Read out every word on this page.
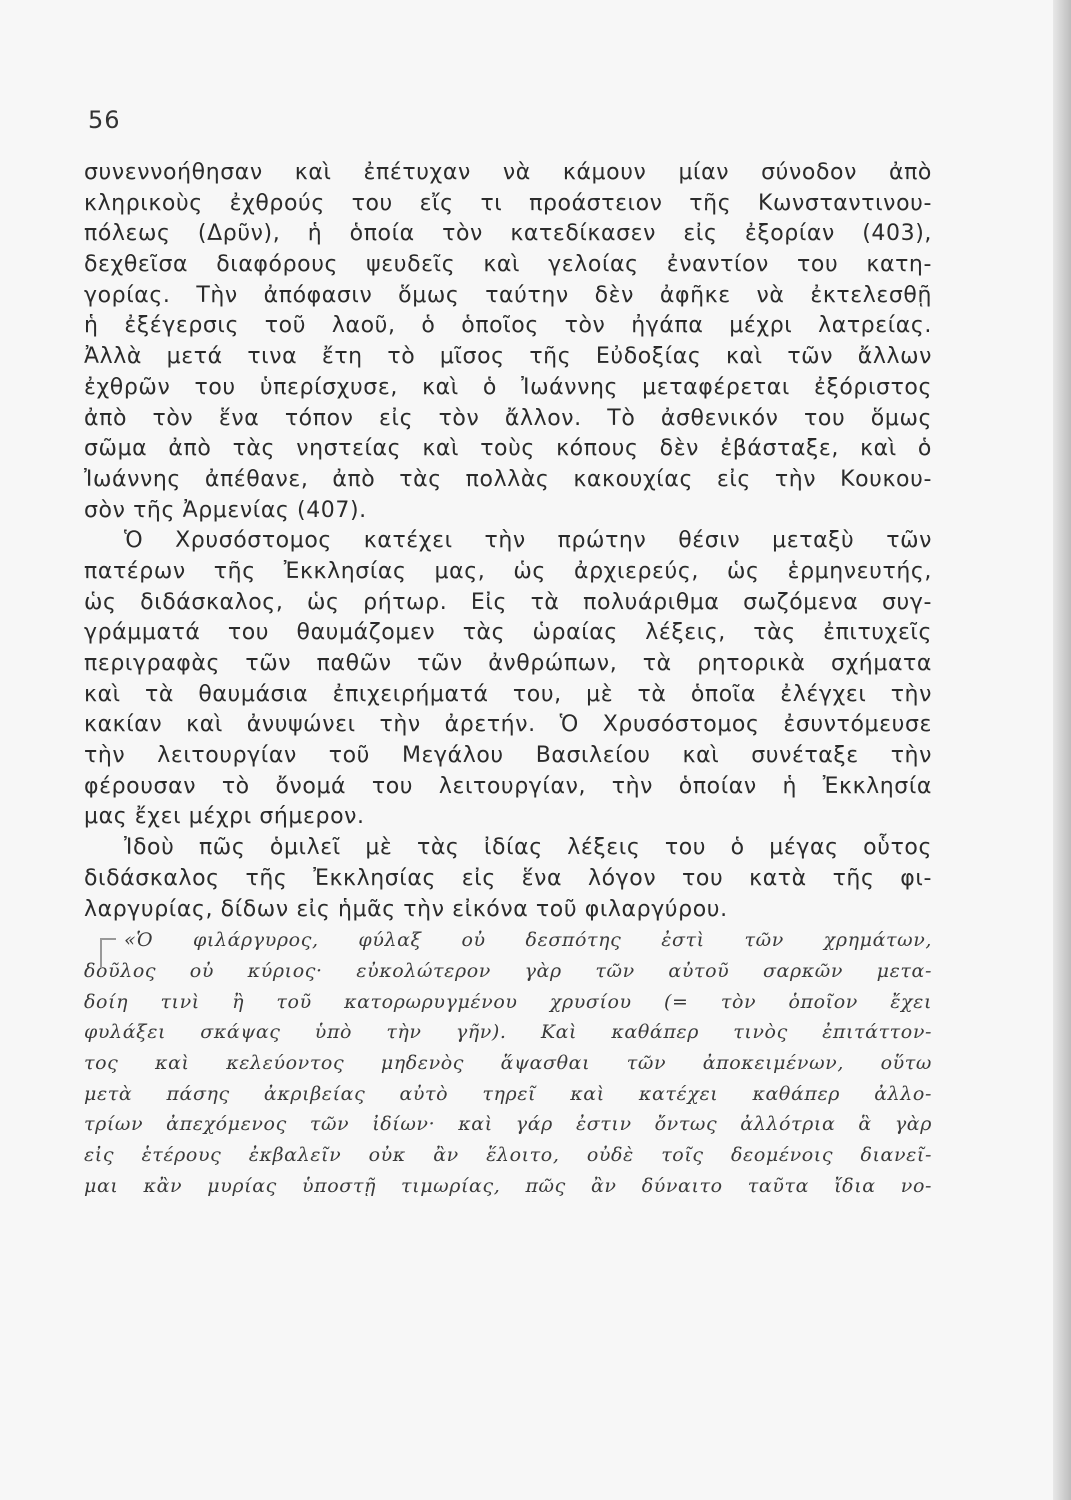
56
συνεννοήθησαν καὶ ἐπέτυχαν νὰ κάμουν μίαν σύνοδον ἀπὸ
κληρικοὺς ἐχθρούς του εἴς τι προάστειον τῆς Κωνσταντινου-
πόλεως (Δρῦν), ἡ ὁποία τὸν κατεδίκασεν εἰς ἐξορίαν (403),
δεχθεῖσα διαφόρους ψευδεῖς καὶ γελοίας ἐναντίον του κατη-
γορίας. Τὴν ἀπόφασιν ὅμως ταύτην δὲν ἀφῆκε νὰ ἐκτελεσθῇ
ἡ ἐξέγερσις τοῦ λαοῦ, ὁ ὁποῖος τὸν ἠγάπα μέχρι λατρείας.
Ἀλλὰ μετά τινα ἔτη τὸ μῖσος τῆς Εὐδοξίας καὶ τῶν ἄλλων
ἐχθρῶν του ὑπερίσχυσε, καὶ ὁ Ἰωάννης μεταφέρεται ἐξόριστος
ἀπὸ τὸν ἕνα τόπον εἰς τὸν ἄλλον. Τὸ ἀσθενικόν του ὅμως
σῶμα ἀπὸ τὰς νηστείας καὶ τοὺς κόπους δὲν ἐβάσταξε, καὶ ὁ
Ἰωάννης ἀπέθανε, ἀπὸ τὰς πολλὰς κακουχίας εἰς τὴν Κουκου-
σὸν τῆς Ἀρμενίας (407).
Ὁ Χρυσόστομος κατέχει τὴν πρώτην θέσιν μεταξὺ τῶν
πατέρων τῆς Ἐκκλησίας μας, ὡς ἀρχιερεύς, ὡς ἑρμηνευτής,
ὡς διδάσκαλος, ὡς ρήτωρ. Εἰς τὰ πολυάριθμα σωζόμενα συγ-
γράμματά του θαυμάζομεν τὰς ὡραίας λέξεις, τὰς ἐπιτυχεῖς
περιγραφὰς τῶν παθῶν τῶν ἀνθρώπων, τὰ ρητορικὰ σχήματα
καὶ τὰ θαυμάσια ἐπιχειρήματά του, μὲ τὰ ὁποῖα ἐλέγχει τὴν
κακίαν καὶ ἀνυψώνει τὴν ἀρετήν. Ὁ Χρυσόστομος ἐσυντόμευσε
τὴν λειτουργίαν τοῦ Μεγάλου Βασιλείου καὶ συνέταξε τὴν
φέρουσαν τὸ ὄνομά του λειτουργίαν, τὴν ὁποίαν ἡ Ἐκκλησία
μας ἔχει μέχρι σήμερον.
Ἰδοὺ πῶς ὁμιλεῖ μὲ τὰς ἰδίας λέξεις του ὁ μέγας οὗτος
διδάσκαλος τῆς Ἐκκλησίας εἰς ἕνα λόγον του κατὰ τῆς φι-
λαργυρίας, δίδων εἰς ἡμᾶς τὴν εἰκόνα τοῦ φιλαργύρου.
«Ὁ φιλάργυρος, φύλαξ οὐ δεσπότης ἐστὶ τῶν χρημάτων,
δοῦλος οὐ κύριος· εὐκολώτερον γὰρ τῶν αὐτοῦ σαρκῶν μετα-
δοίη τινὶ ἢ τοῦ κατορωρυγμένου χρυσίου (= τὸν ὁποῖον ἔχει
φυλάξει σκάψας ὑπὸ τὴν γῆν). Καὶ καθάπερ τινὸς ἐπιτάττον-
τος καὶ κελεύοντος μηδενὸς ἅψασθαι τῶν ἀποκειμένων, οὕτω
μετὰ πάσης ἀκριβείας αὐτὸ τηρεῖ καὶ κατέχει καθάπερ ἀλλο-
τρίων ἀπεχόμενος τῶν ἰδίων· καὶ γάρ ἐστιν ὄντως ἀλλότρια ἃ γὰρ
εἰς ἑτέρους ἐκβαλεῖν οὐκ ἂν ἕλοιτο, οὐδὲ τοῖς δεομένοις διανεῖ-
μαι κἂν μυρίας ὑποστῇ τιμωρίας, πῶς ἂν δύναιτο ταῦτα ἴδια νο-
